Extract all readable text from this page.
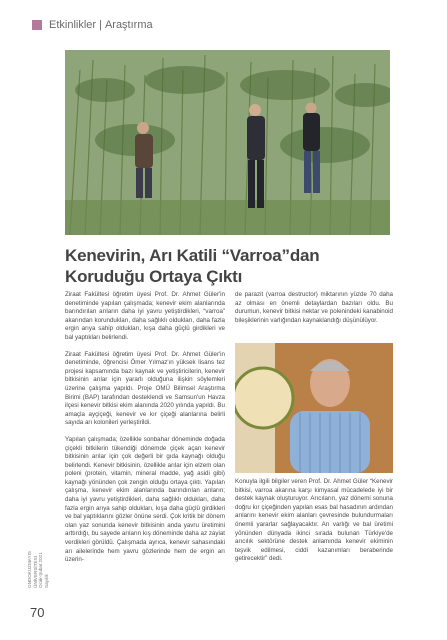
Etkinlikler | Araştırma
Kenevirin, Arı Katili “Varroa”dan Koruduğu Ortaya Çıktı

Ziraat Fakültesi öğretim üyesi Prof. Dr. Ahmet Güler'in denetiminde yapılan çalışmada; kenevir ekim alanlarında barındırılan arıların daha iyi yavru yetiştirdikleri, “varroa” akarından korundukları, daha sağlıklı oldukları, daha fazla ergin arıya sahip oldukları, kışa daha güçlü girdikleri ve bal yaptıkları belirlendi.

Ziraat Fakültesi öğretim üyesi Prof. Dr. Ahmet Güler'in denetiminde, öğrencisi Ömer Yılmaz'ın yüksek lisans tez projesi kapsamında bazı kaynak ve yetiştiricilerin, kenevir bitkisinin arılar için yararlı olduğuna ilişkin söylemleri üzerine çalışma yapıldı. Proje OMÜ Bilimsel Araştırma Birimi (BAP) tarafından desteklendi ve Samsun'un Havza ilçesi kenevir bitkisi ekim alanında 2020 yılında yapıldı. Bu amaçla ayçiçeği, kenevir ve kır çiçeği alanlarına belirli sayıda arı kolonileri yerleştirildi.

Yapılan çalışmada; özellikle sonbahar döneminde doğada çiçekli bitkilerin tükendiği dönemde çiçek açan kenevir bitkisinin arılar için çok değerli bir gıda kaynağı olduğu belirlendi. Kenevir bitkisinin, özellikle arılar için elzem olan poleni (protein, vitamin, mineral madde, yağ asidi gibi) kaynağı yönünden çok zengin olduğu ortaya çıktı. Yapılan çalışma, kenevir ekim alanlarında barındırılan arıların; daha iyi yavru yetiştirdikleri, daha sağlıklı oldukları, daha fazla ergin arıya sahip oldukları, kışa daha güçlü girdikleri ve bal yaptıklarını gözler önüne serdi. Çok kritik bir dönem olan yaz sonunda kenevir bitkisinin anda yavru üretimini arttırdığı, bu sayede arıların kış döneminde daha az zayiat verdikleri görüldü. Çalışmada ayrıca, kenevir sahasındaki arı ailelerinde hem yavru gözlerinde hem de ergin arı üzerin-

de parazit (varroa destructor) miktarının yüzde 70 daha az olması en önemli detaylardan bazıları oldu. Bu durumun, kenevir bitkisi nektar ve polenindeki kanabinoid bileşiklerinin varlığından kaynaklandığı düşünülüyor.

Konuyla ilgili bilgiler veren Prof. Dr. Ahmet Güler “Kenevir bitkisi, varroa akarına karşı kimyasal mücadelede iyi bir destek kaynak oluşturuyor. Arıcıların, yaz dönemi sonuna doğru kır çiçeğinden yapılan esas bal hasadının ardından arılarını kenevir ekim alanları çevresinde bulundurmaları önemli yararlar sağlayacaktır. Arı varlığı ve bal üretimi yönünden dünyada ikinci sırada bulunan Türkiye'de arıcılık sektörüne destek anlamında kenevir ekiminin teşvik edilmesi, ciddi kazanımları beraberinde getirecektir” dedi.

ONDOKUZMAYIS ÜNİVERSİTESİ Ocak-Şubat 2021 Sayılık
70
